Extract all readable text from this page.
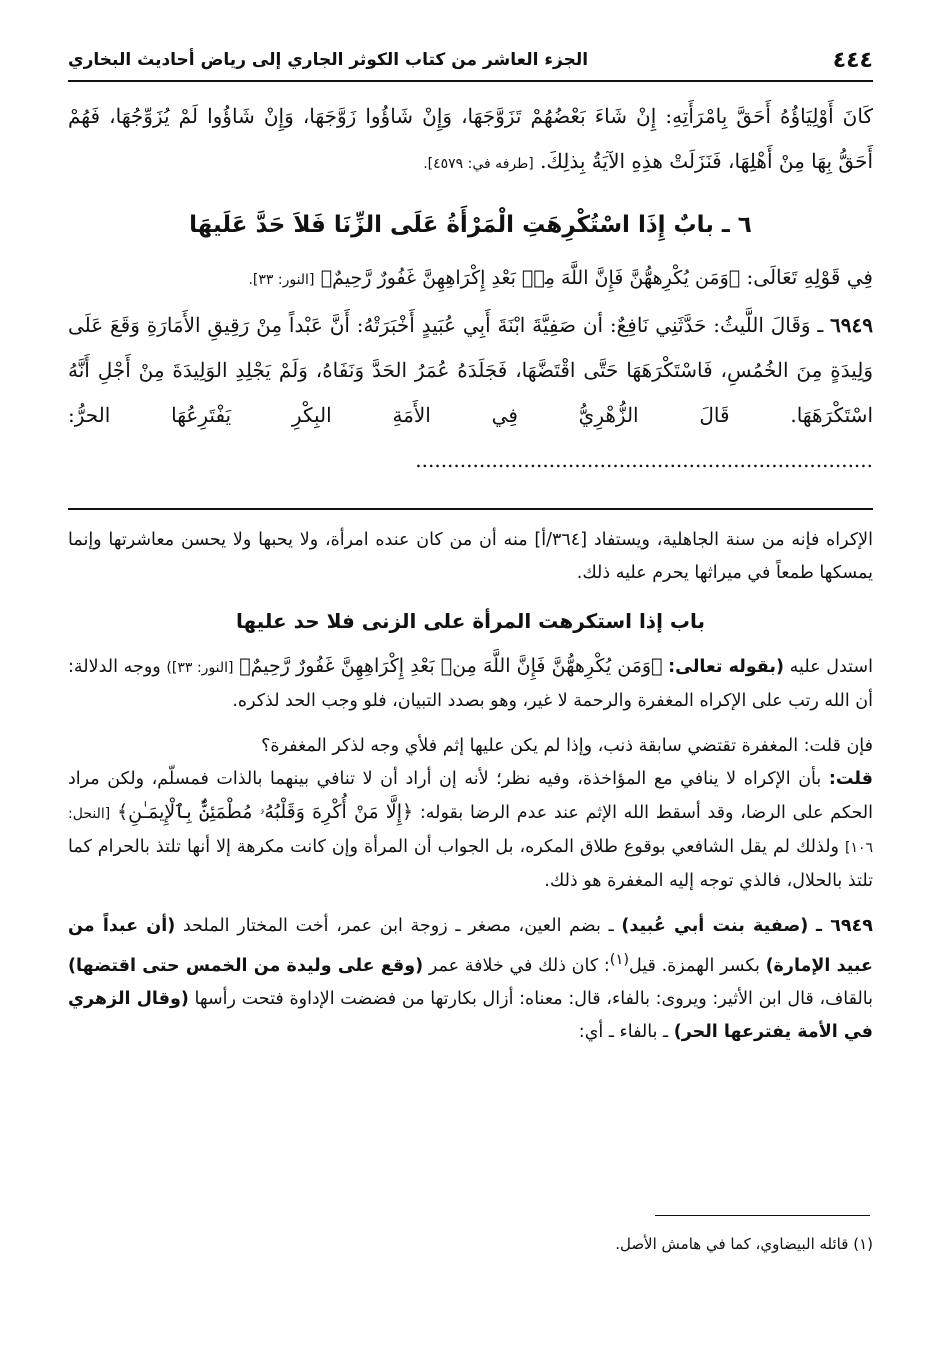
٤٤٤
الجزء العاشر من كتاب الكوثر الجاري إلى رياض أحاديث البخاري

كَانَ أَوْلِيَاؤُهُ أَحَقَّ بِامْرَأَتِهِ: إِنْ شَاءَ بَعْضُهُمْ تَزَوَّجَهَا، وَإِنْ شَاؤُوا زَوَّجَهَا، وَإِنْ شَاؤُوا لَمْ يُزَوِّجُهَا، فَهُمْ أَحَقُّ بِهَا مِنْ أَهْلِهَا، فَنَزَلَتْ هذِهِ الآيَةُ بِذلِكَ. [طرفه في: ٤٥٧٩].

٦ ـ بابٌ إِذَا اسْتُكْرِهَتِ الْمَرْأَةُ عَلَى الزِّنَا فَلاَ حَدَّ عَلَيهَا

فِي قَوْلِهِ تَعَالَى: ﴿وَمَن يُكْرِههُّنَّ فَإِنَّ اللَّهَ مِنۢ بَعْدِ إِكْرَاهِهِنَّ غَفُورٌ رَّحِيمٌ﴾ [النور: ٣٣].

٦٩٤٩ ـ وَقَالَ اللَّيثُ: حَدَّثَنِي نَافِعٌ: أن صَفِيَّةَ ابْنَةَ أَبِي عُبَيدٍ أَخْبَرَتْهُ: أَنَّ عَبْداً مِنْ رَقِيقِ الأَمَارَةِ وَقَعَ عَلَى وَلِيدَةٍ مِنَ الخُمُسِ، فَاسْتَكْرَهَهَا حَتَّى اقْتَضَّهَا، فَجَلَدَهُ عُمَرُ الحَدَّ وَنَفَاهُ، وَلَمْ يَجْلِدِ الوَلِيدَةَ مِنْ أَجْلِ أَنَّهُ اسْتَكْرَهَهَا. قَالَ الزُّهْرِيُّ فِي الأَمَةِ البِكْرِ يَفْتَرِعُهَا الحرُّ: ........................................................................

الإكراه فإنه من سنة الجاهلية، ويستفاد [٣٦٤/أ] منه أن من كان عنده امرأة، ولا يحبها ولا يحسن معاشرتها وإنما يمسكها طمعاً في ميراثها يحرم عليه ذلك.

باب إذا استكرهت المرأة على الزنى فلا حد عليها

استدل عليه (بقوله تعالى: ﴿وَمَن يُكْرِههُّنَّ فَإِنَّ اللَّهَ مِنۢ بَعْدِ إِكْرَاهِهِنَّ غَفُورٌ رَّحِيمٌ﴾ [النور: ٣٣]) ووجه الدلالة: أن الله رتب على الإكراه المغفرة والرحمة لا غير، وهو بصدد التبيان، فلو وجب الحد لذكره.

فإن قلت: المغفرة تقتضي سابقة ذنب، وإذا لم يكن عليها إثم فلأي وجه لذكر المغفرة؟

قلت: بأن الإكراه لا ينافي مع المؤاخذة، وفيه نظر؛ لأنه إن أراد أن لا تنافي بينهما بالذات فمسلّم، ولكن مراد الحكم على الرضا، وقد أسقط الله الإثم عند عدم الرضا بقوله: ﴿إِلَّا مَنْ أُكْرِهَ وَقَلْبُهُۥ مُطْمَئِنٌّۢ بِٱلْإِيمَـٰنِ﴾ [النحل: ١٠٦] ولذلك لم يقل الشافعي بوقوع طلاق المكره، بل الجواب أن المرأة وإن كانت مكرهة إلا أنها تلتذ بالحرام كما تلتذ بالحلال، فالذي توجه إليه المغفرة هو ذلك.

٦٩٤٩ ـ (صفية بنت أبي عُبيد) ـ بضم العين، مصغر ـ زوجة ابن عمر، أخت المختار الملحد (أن عبداً من عبيد الإمارة) بكسر الهمزة. قيل$^{(١)}$: كان ذلك في خلافة عمر (وقع على وليدة من الخمس حتى اقتضها) بالقاف، قال ابن الأثير: ويروى: بالفاء، قال: معناه: أزال بكارتها من فضضت الإداوة فتحت رأسها (وقال الزهري في الأمة يفترعها الحر) ـ بالفاء ـ أي:

(١) قائله البيضاوي، كما في هامش الأصل.
